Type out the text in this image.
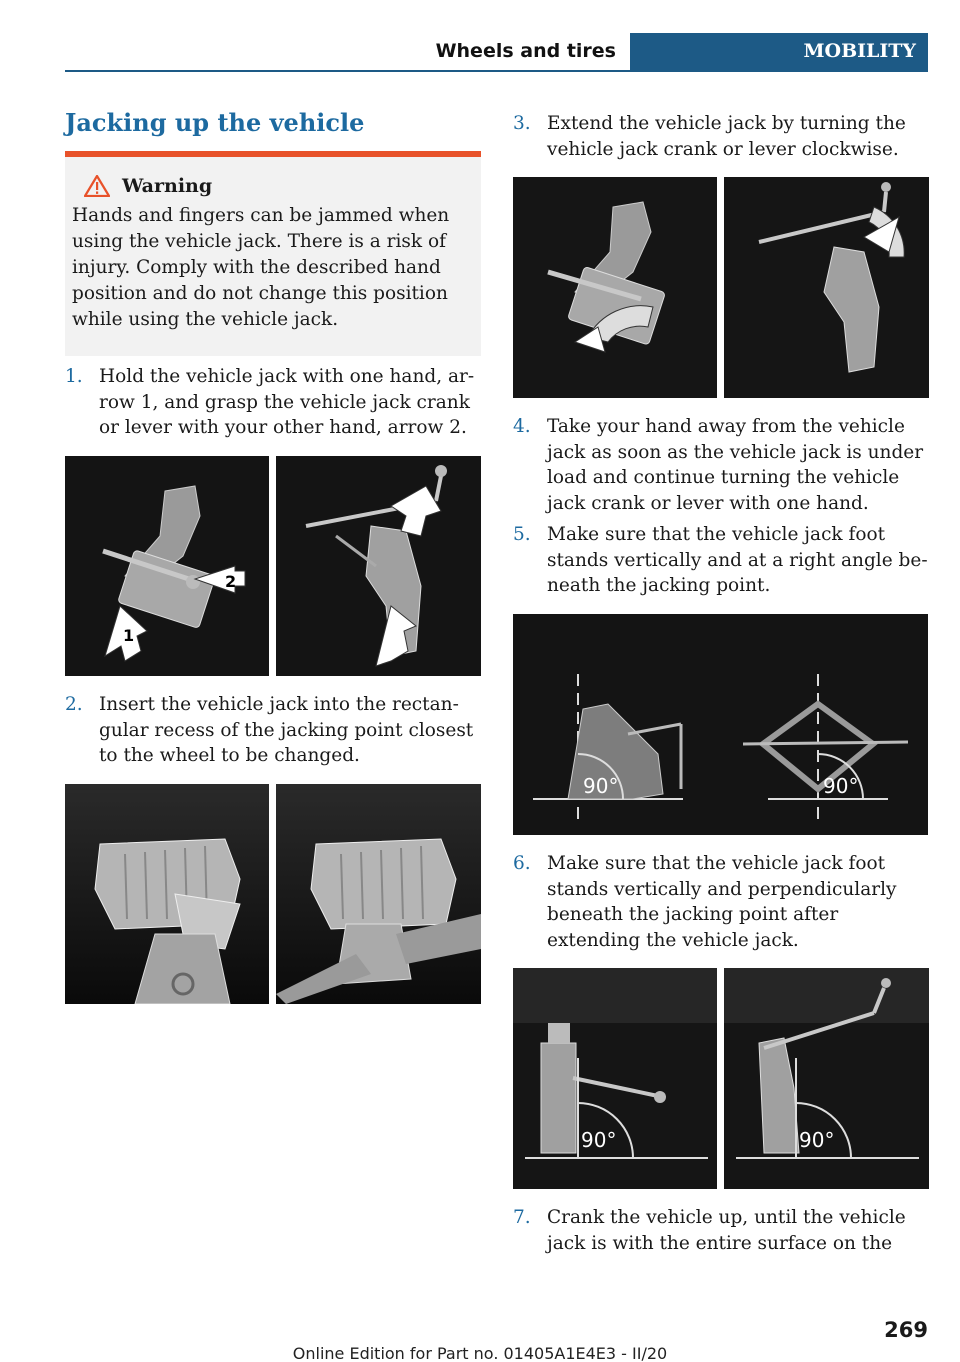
Wheels and tires	MOBILITY
Jacking up the vehicle
Warning
Hands and fingers can be jammed when using the vehicle jack. There is a risk of injury. Comply with the described hand position and do not change this position while using the vehicle jack.
1. Hold the vehicle jack with one hand, arrow 1, and grasp the vehicle jack crank or lever with your other hand, arrow 2.
2
1
2. Insert the vehicle jack into the rectangular recess of the jacking point closest to the wheel to be changed.
3. Extend the vehicle jack by turning the vehicle jack crank or lever clockwise.
4. Take your hand away from the vehicle jack as soon as the vehicle jack is under load and continue turning the vehicle jack crank or lever with one hand.
5. Make sure that the vehicle jack foot stands vertically and at a right angle beneath the jacking point.
90°	90°
6. Make sure that the vehicle jack foot stands vertically and perpendicularly beneath the jacking point after extending the vehicle jack.
90°	90°
7. Crank the vehicle up, until the vehicle jack is with the entire surface on the
269
Online Edition for Part no. 01405A1E4E3 - II/20
